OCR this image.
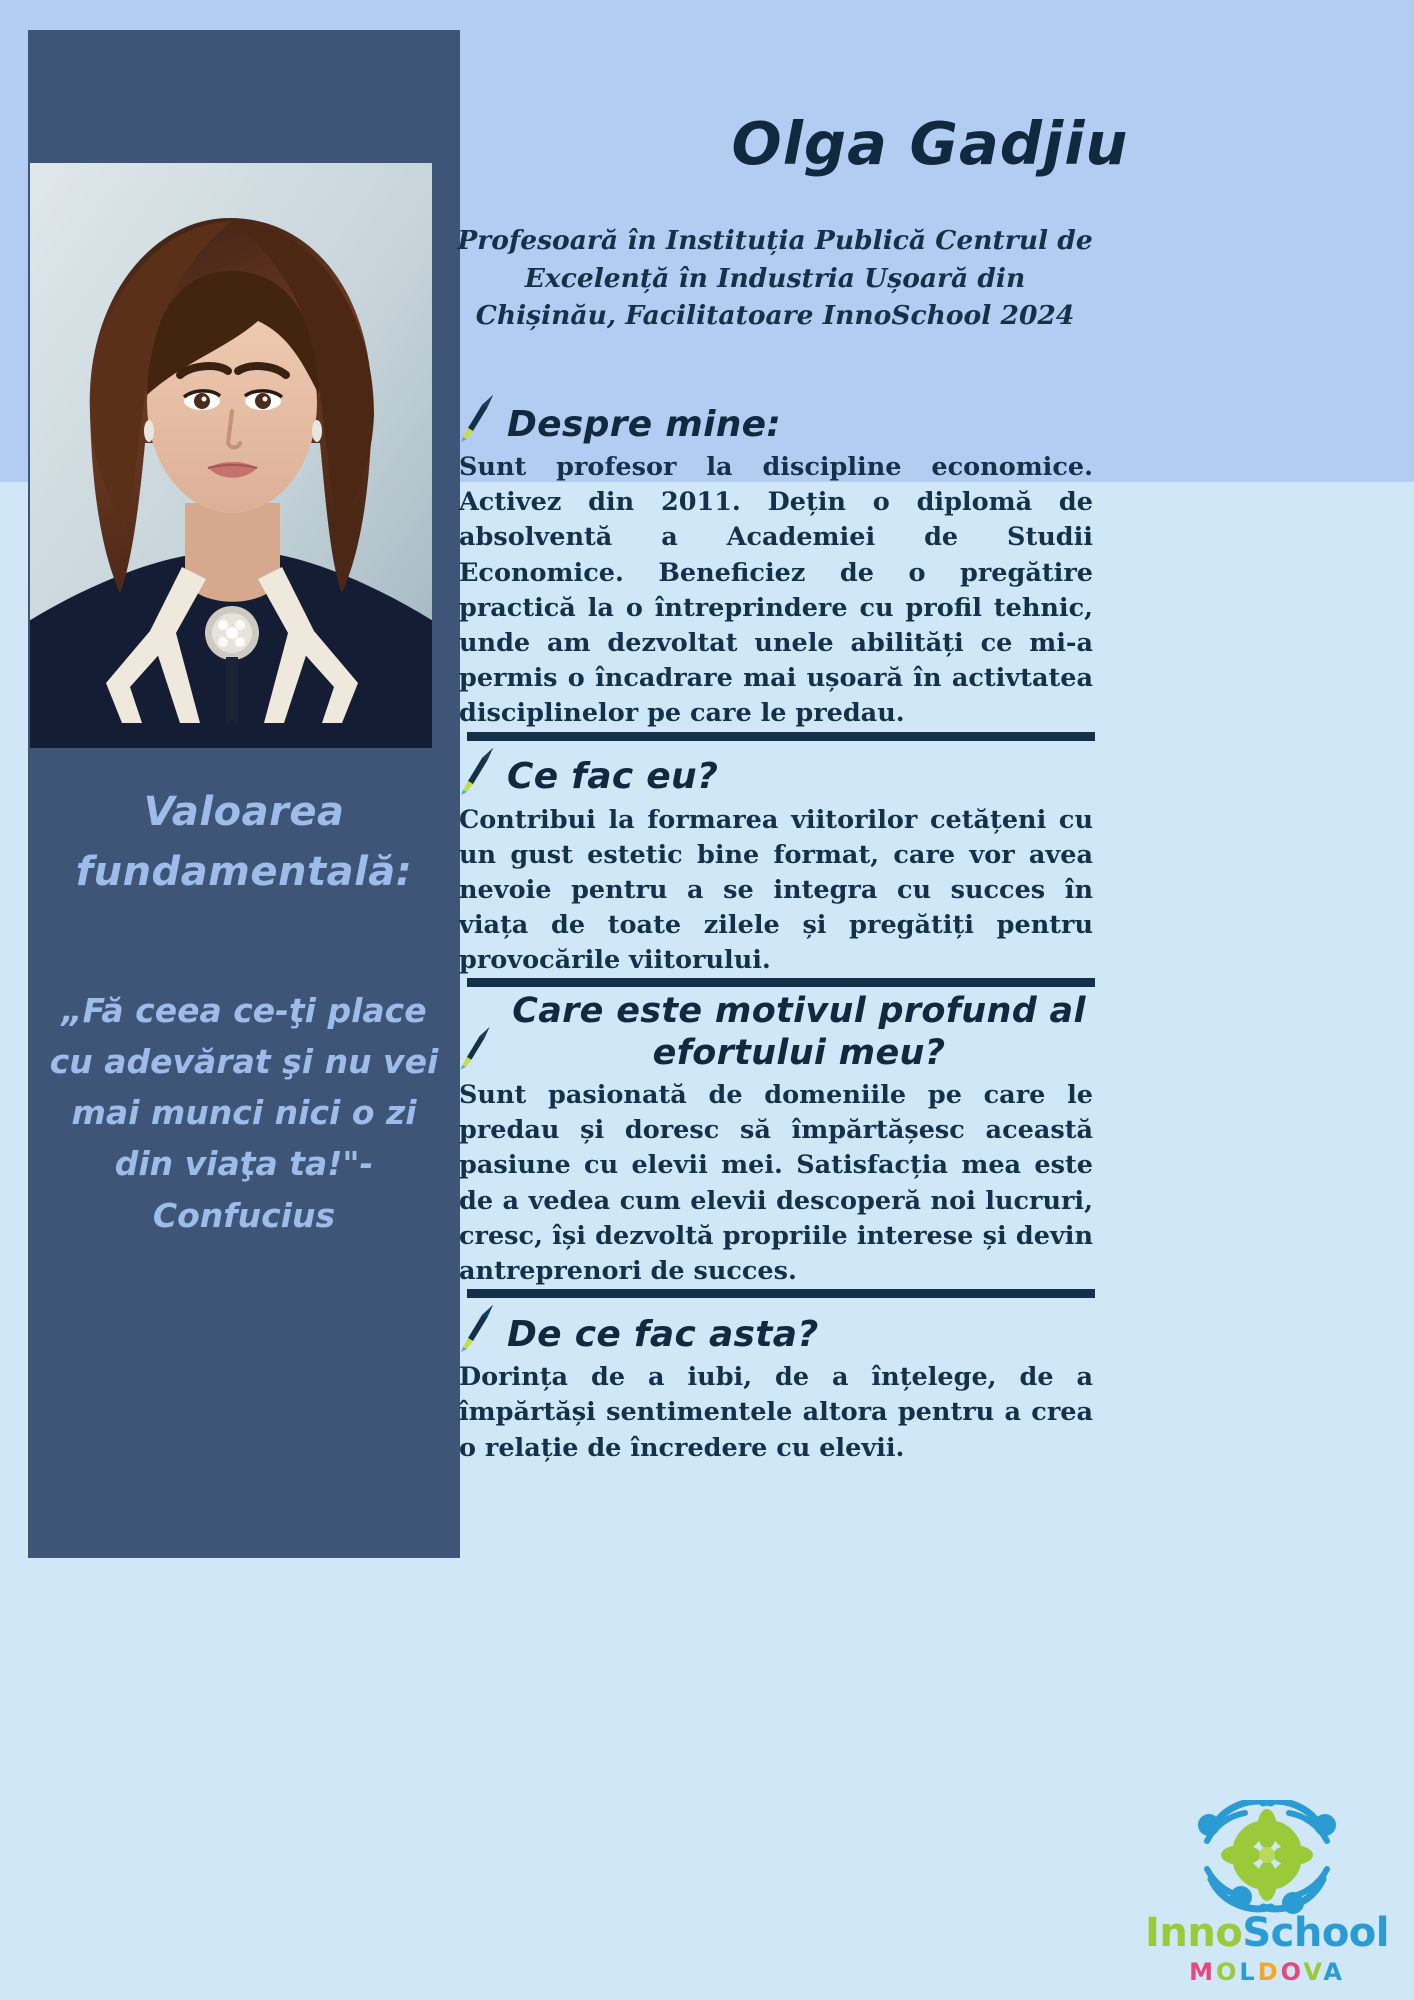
Valoarea fundamentală:
„Fă ceea ce-ţi place cu adevărat şi nu vei mai munci nici o zi din viaţa ta!"-Confucius
Olga Gadjiu
Profesoară în Instituția Publică Centrul de Excelență în Industria Ușoară din Chișinău, Facilitatoare InnoSchool 2024
Despre mine:
Sunt profesor la discipline economice. Activez din 2011. Dețin o diplomă de absolventă a Academiei de Studii Economice. Beneficiez de o pregătire practică la o întreprindere cu profil tehnic, unde am dezvoltat unele abilități ce mi-a permis o încadrare mai ușoară în activtatea disciplinelor pe care le predau.
Ce fac eu?
Contribui la formarea viitorilor cetățeni cu un gust estetic bine format, care vor avea nevoie pentru a se integra cu succes în viața de toate zilele și pregătiți pentru provocările viitorului.
Care este motivul profund al efortului meu?
Sunt pasionată de domeniile pe care le predau și doresc să împărtășesc această pasiune cu elevii mei. Satisfacția mea este de a vedea cum elevii descoperă noi lucruri, cresc, își dezvoltă propriile interese și devin antreprenori de succes.
De ce fac asta?
Dorința de a iubi, de a înțelege, de a împărtăși sentimentele altora pentru a crea o relație de încredere cu elevii.
InnoSchool
MOLDOVA
